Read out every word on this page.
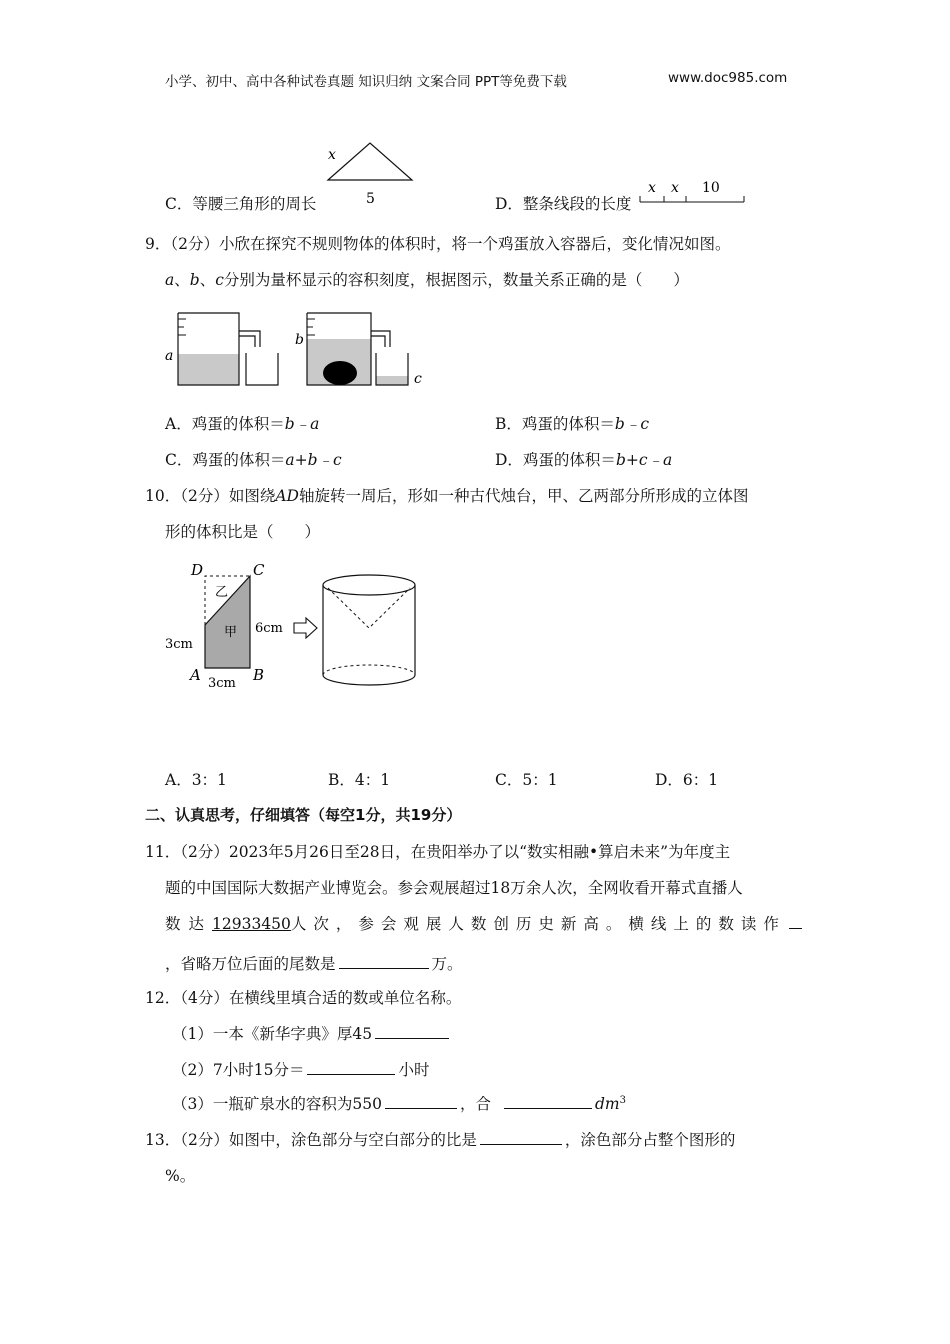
小学、初中、高中各种试卷真题 知识归纳 文案合同 PPT等免费下载	www.doc985.com
x
5
C．等腰三角形的周长	D．整条线段的长度
x x 10
9．（2分）小欣在探究不规则物体的体积时，将一个鸡蛋放入容器后，变化情况如图。
a、b、c分别为量杯显示的容积刻度，根据图示，数量关系正确的是（　　）
a
b
c
A．鸡蛋的体积＝b﹣a	B．鸡蛋的体积＝b﹣c
C．鸡蛋的体积＝a+b﹣c	D．鸡蛋的体积＝b+c﹣a
10．（2分）如图绕AD轴旋转一周后，形如一种古代烛台，甲、乙两部分所形成的立体图
形的体积比是（　　）
D	C
A	B
乙
甲
3cm
6cm
3cm
A．3：1	B．4：1	C．5：1	D．6：1
二、认真思考，仔细填答（每空1分，共19分）
11．（2分）2023年5月26日至28日，在贵阳举办了以“数实相融•算启未来”为年度主
题的中国国际大数据产业博览会。参会观展超过18万余人次，全网收看开幕式直播人
数达 12933450 人次，参会观展人数创历史新高。横线上的数读作
，省略万位后面的尾数是	万。
12．（4分）在横线里填合适的数或单位名称。
（1）一本《新华字典》厚45
（2）7小时15分＝	小时
（3）一瓶矿泉水的容积为550	，合	$dm^3$
13．（2分）如图中，涂色部分与空白部分的比是	，涂色部分占整个图形的
%。
